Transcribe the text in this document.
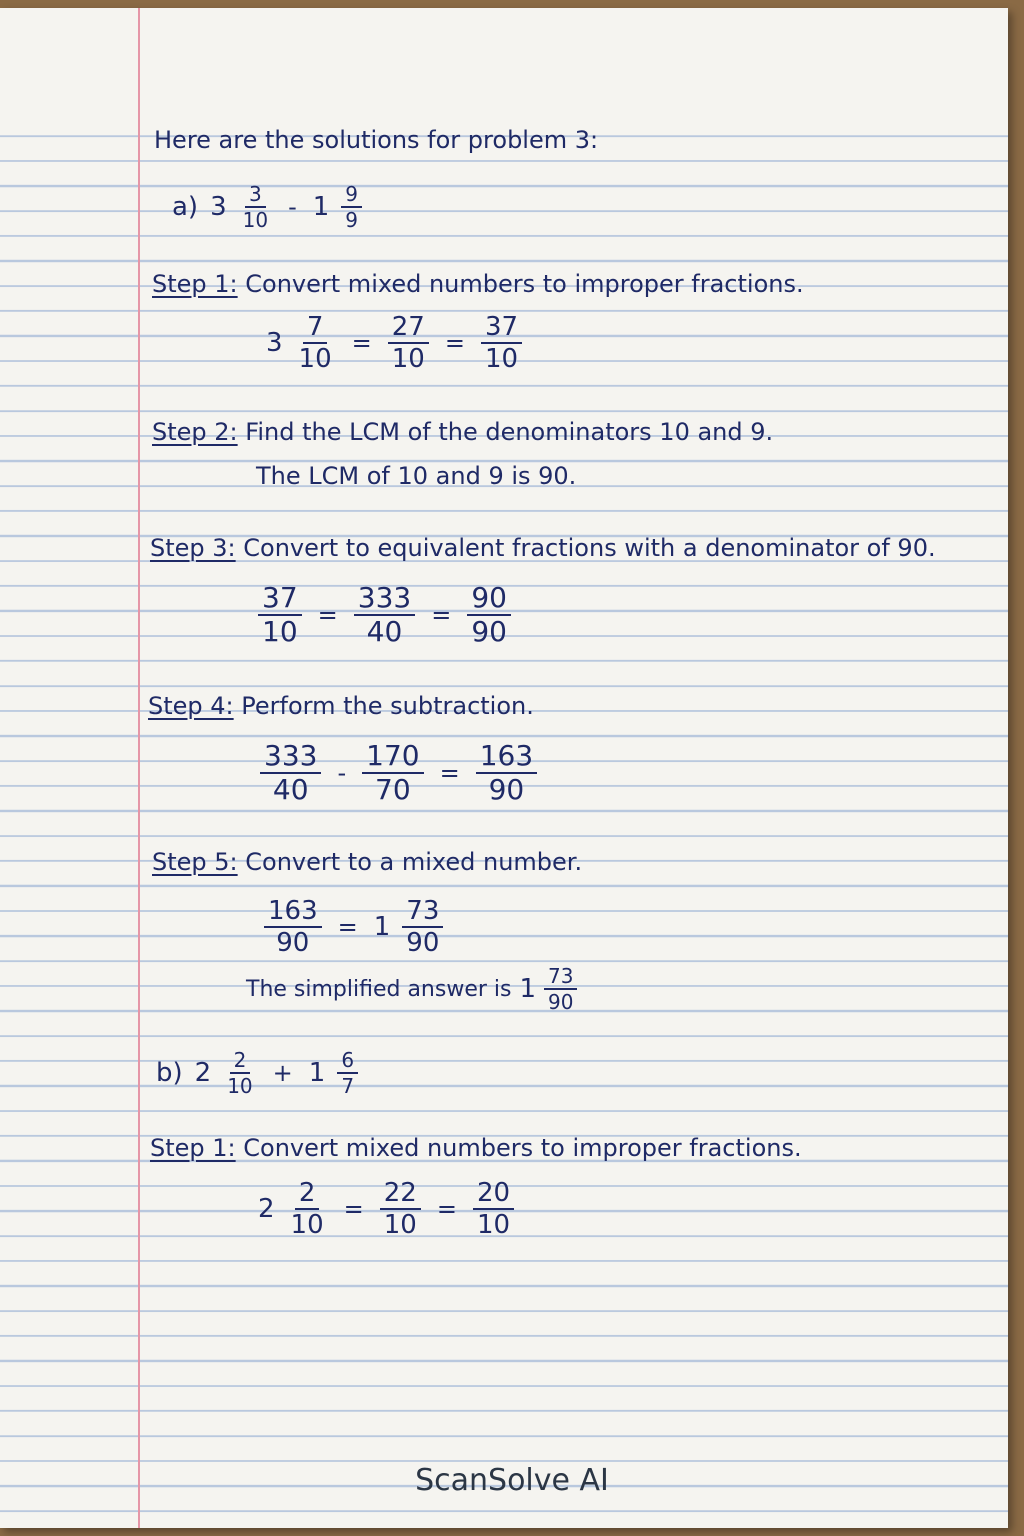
Here are the solutions for problem 3:
a) $3 \frac{3}{10} - 1 \frac{9}{9}$
Step 1: Convert mixed numbers to improper fractions.
$3 \frac{7}{10} = \frac{27}{10} = \frac{37}{10}$
Step 2: Find the LCM of the denominators 10 and 9.
The LCM of 10 and 9 is 90.
Step 3: Convert to equivalent fractions with a denominator of 90.
$\frac{37}{10} = \frac{333}{40} = \frac{90}{90}$
Step 4: Perform the subtraction.
$\frac{333}{40} - \frac{170}{70} = \frac{163}{90}$
Step 5: Convert to a mixed number.
$\frac{163}{90} = 1 \frac{73}{90}$
The simplified answer is $1 \frac{73}{90}$
b) $2 \frac{2}{10} + 1 \frac{6}{7}$
Step 1: Convert mixed numbers to improper fractions.
$2 \frac{2}{10} = \frac{22}{10} = \frac{20}{10}$
ScanSolve AI
